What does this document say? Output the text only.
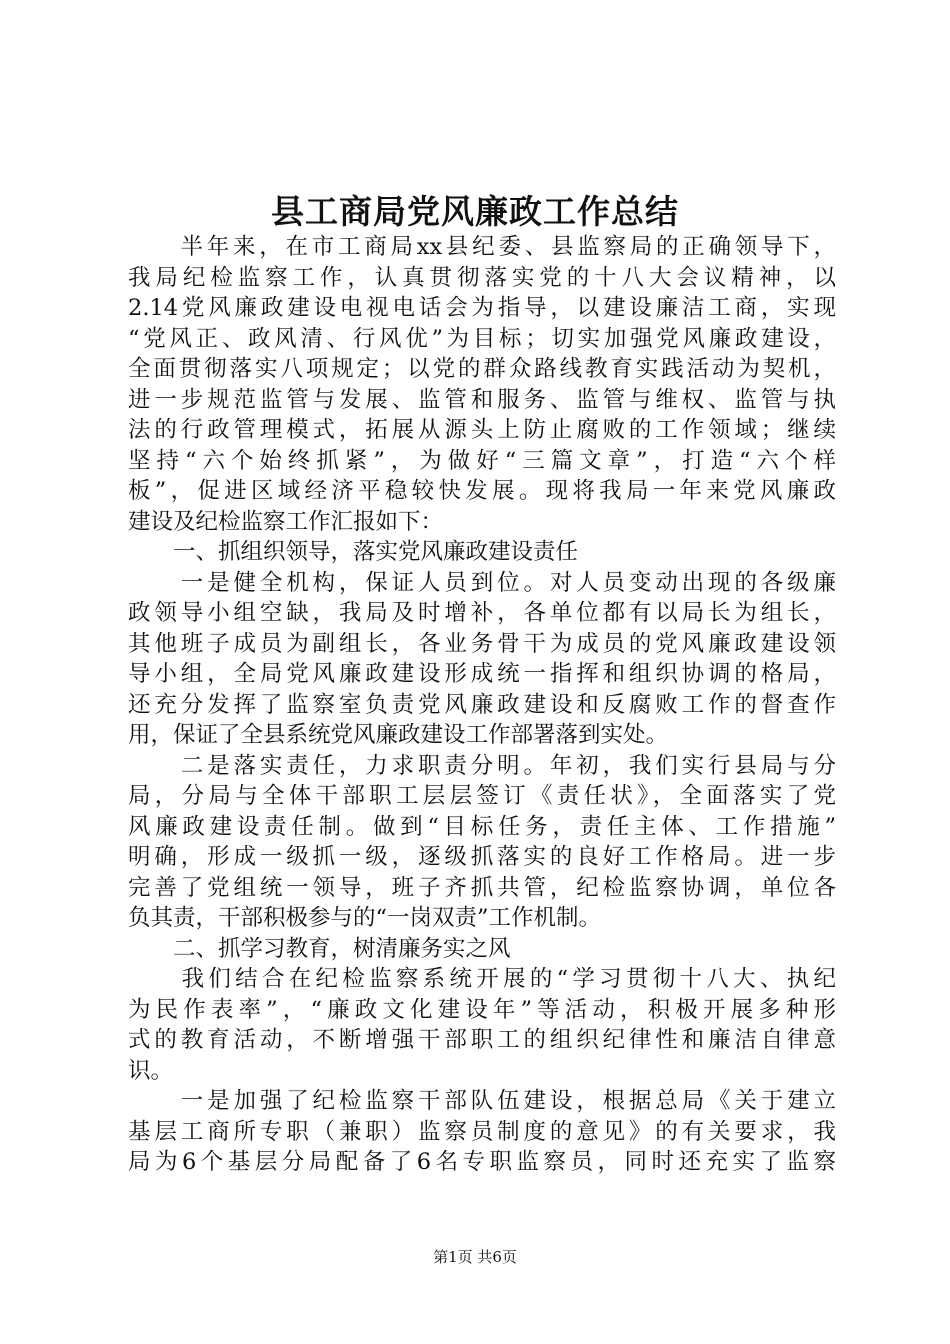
县工商局党风廉政工作总结
　　半年来，在市工商局xx县纪委、县监察局的正确领导下，
我局纪检监察工作，认真贯彻落实党的十八大会议精神，以
2.14党风廉政建设电视电话会为指导，以建设廉洁工商，实现
“党风正、政风清、行风优”为目标；切实加强党风廉政建设，
全面贯彻落实八项规定；以党的群众路线教育实践活动为契机，
进一步规范监管与发展、监管和服务、监管与维权、监管与执
法的行政管理模式，拓展从源头上防止腐败的工作领域；继续
坚持“六个始终抓紧”，为做好“三篇文章”，打造“六个样
板”，促进区域经济平稳较快发展。现将我局一年来党风廉政
建设及纪检监察工作汇报如下：
　　一、抓组织领导，落实党风廉政建设责任
　　一是健全机构，保证人员到位。对人员变动出现的各级廉
政领导小组空缺，我局及时增补，各单位都有以局长为组长，
其他班子成员为副组长，各业务骨干为成员的党风廉政建设领
导小组，全局党风廉政建设形成统一指挥和组织协调的格局，
还充分发挥了监察室负责党风廉政建设和反腐败工作的督查作
用，保证了全县系统党风廉政建设工作部署落到实处。
　　二是落实责任，力求职责分明。年初，我们实行县局与分
局，分局与全体干部职工层层签订《责任状》，全面落实了党
风廉政建设责任制。做到“目标任务，责任主体、工作措施”
明确，形成一级抓一级，逐级抓落实的良好工作格局。进一步
完善了党组统一领导，班子齐抓共管，纪检监察协调，单位各
负其责，干部积极参与的“一岗双责”工作机制。
　　二、抓学习教育，树清廉务实之风
　　我们结合在纪检监察系统开展的“学习贯彻十八大、执纪
为民作表率”，“廉政文化建设年”等活动，积极开展多种形
式的教育活动，不断增强干部职工的组织纪律性和廉洁自律意
识。
　　一是加强了纪检监察干部队伍建设，根据总局《关于建立
基层工商所专职（兼职）监察员制度的意见》的有关要求，我
局为6个基层分局配备了6名专职监察员，同时还充实了监察
第1页 共6页
